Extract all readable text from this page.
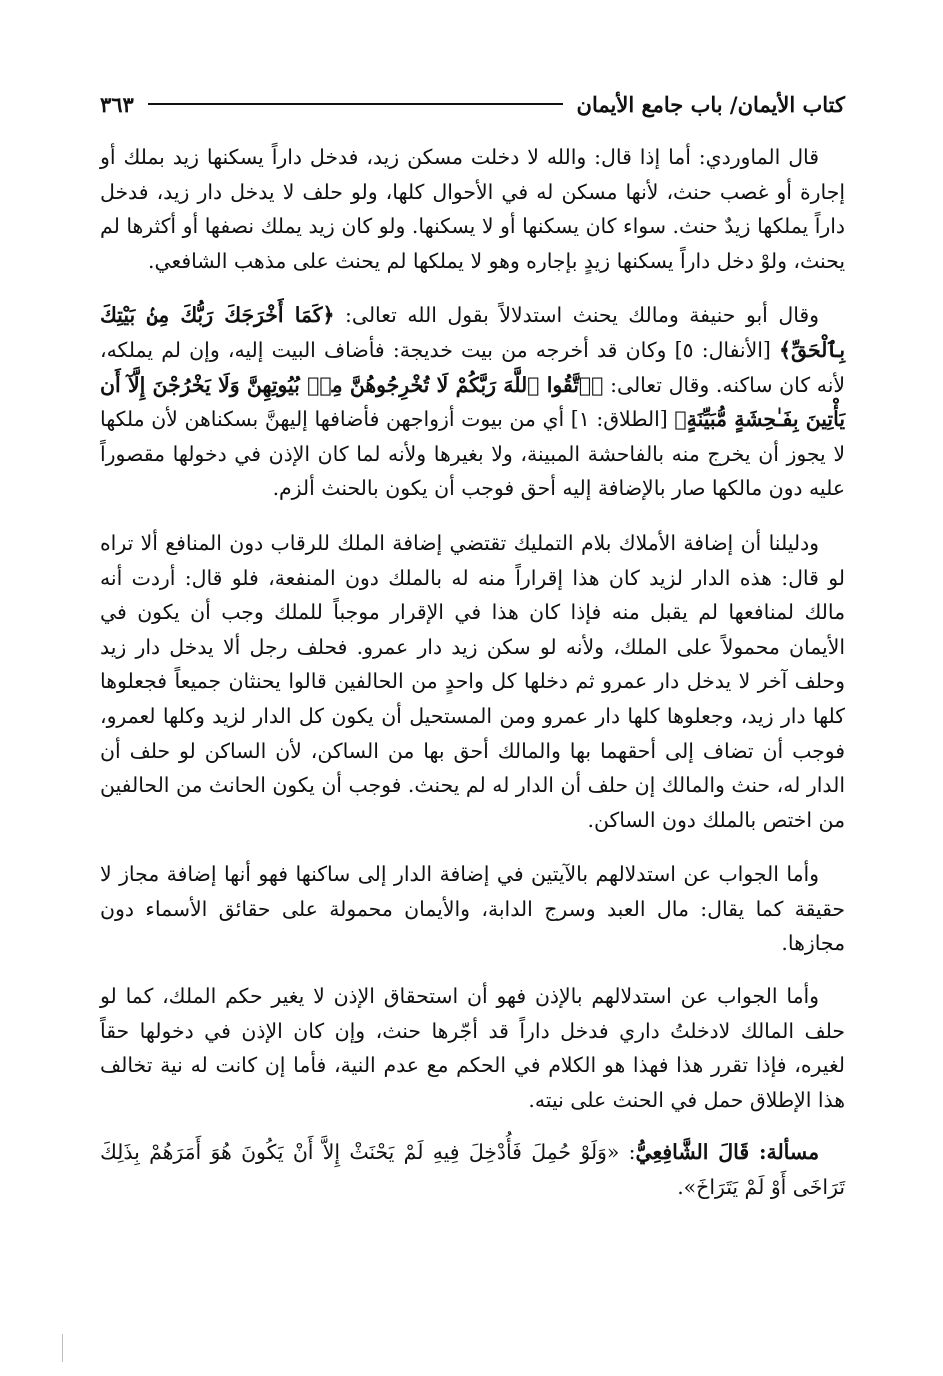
كتاب الأيمان/ باب جامع الأيمان
٣٦٣

قال الماوردي: أما إذا قال: والله لا دخلت مسكن زيد، فدخل داراً يسكنها زيد بملك أو إجارة أو غصب حنث، لأنها مسكن له في الأحوال كلها، ولو حلف لا يدخل دار زيد، فدخل داراً يملكها زيدٌ حنث. سواء كان يسكنها أو لا يسكنها. ولو كان زيد يملك نصفها أو أكثرها لم يحنث، ولوْ دخل داراً يسكنها زيدٍ بإجاره وهو لا يملكها لم يحنث على مذهب الشافعي.

وقال أبو حنيفة ومالك يحنث استدلالاً بقول الله تعالى: ﴿كَمَا أَخْرَجَكَ رَبُّكَ مِنۢ بَيْتِكَ بِٱلْحَقِّ﴾ [الأنفال: ٥] وكان قد أخرجه من بيت خديجة: فأضاف البيت إليه، وإن لم يملكه، لأنه كان ساكنه. وقال تعالى: ﴿ٱتَّقُوا ٱللَّهَ رَبَّكُمْ لَا تُخْرِجُوهُنَّ مِنۢ بُيُوتِهِنَّ وَلَا يَخْرُجْنَ إِلَّآ أَن يَأْتِينَ بِفَـٰحِشَةٍ مُّبَيِّنَةٍ﴾ [الطلاق: ١] أي من بيوت أزواجهن فأضافها إليهنَّ بسكناهن لأن ملكها لا يجوز أن يخرج منه بالفاحشة المبينة، ولا بغيرها ولأنه لما كان الإذن في دخولها مقصوراً عليه دون مالكها صار بالإضافة إليه أحق فوجب أن يكون بالحنث ألزم.

ودليلنا أن إضافة الأملاك بلام التمليك تقتضي إضافة الملك للرقاب دون المنافع ألا تراه لو قال: هذه الدار لزيد كان هذا إقراراً منه له بالملك دون المنفعة، فلو قال: أردت أنه مالك لمنافعها لم يقبل منه فإذا كان هذا في الإقرار موجباً للملك وجب أن يكون في الأيمان محمولاً على الملك، ولأنه لو سكن زيد دار عمرو. فحلف رجل ألا يدخل دار زيد وحلف آخر لا يدخل دار عمرو ثم دخلها كل واحدٍ من الحالفين قالوا يحنثان جميعاً فجعلوها كلها دار زيد، وجعلوها كلها دار عمرو ومن المستحيل أن يكون كل الدار لزيد وكلها لعمرو، فوجب أن تضاف إلى أحقهما بها والمالك أحق بها من الساكن، لأن الساكن لو حلف أن الدار له، حنث والمالك إن حلف أن الدار له لم يحنث. فوجب أن يكون الحانث من الحالفين من اختص بالملك دون الساكن.

وأما الجواب عن استدلالهم بالآيتين في إضافة الدار إلى ساكنها فهو أنها إضافة مجاز لا حقيقة كما يقال: مال العبد وسرج الدابة، والأيمان محمولة على حقائق الأسماء دون مجازها.

وأما الجواب عن استدلالهم بالإذن فهو أن استحقاق الإذن لا يغير حكم الملك، كما لو حلف المالك لادخلتُ داري فدخل داراً قد أجّرها حنث، وإن كان الإذن في دخولها حقاً لغيره، فإذا تقرر هذا فهذا هو الكلام في الحكم مع عدم النية، فأما إن كانت له نية تخالف هذا الإطلاق حمل في الحنث على نيته.

مسألة: قَالَ الشَّافِعِيُّ: «وَلَوْ حُمِلَ فَأُدْخِلَ فِيهِ لَمْ يَحْنَثْ إِلاَّ أَنْ يَكُونَ هُوَ أَمَرَهُمْ بِذَلِكَ تَرَاخَى أَوْ لَمْ يَتَرَاخَ».
